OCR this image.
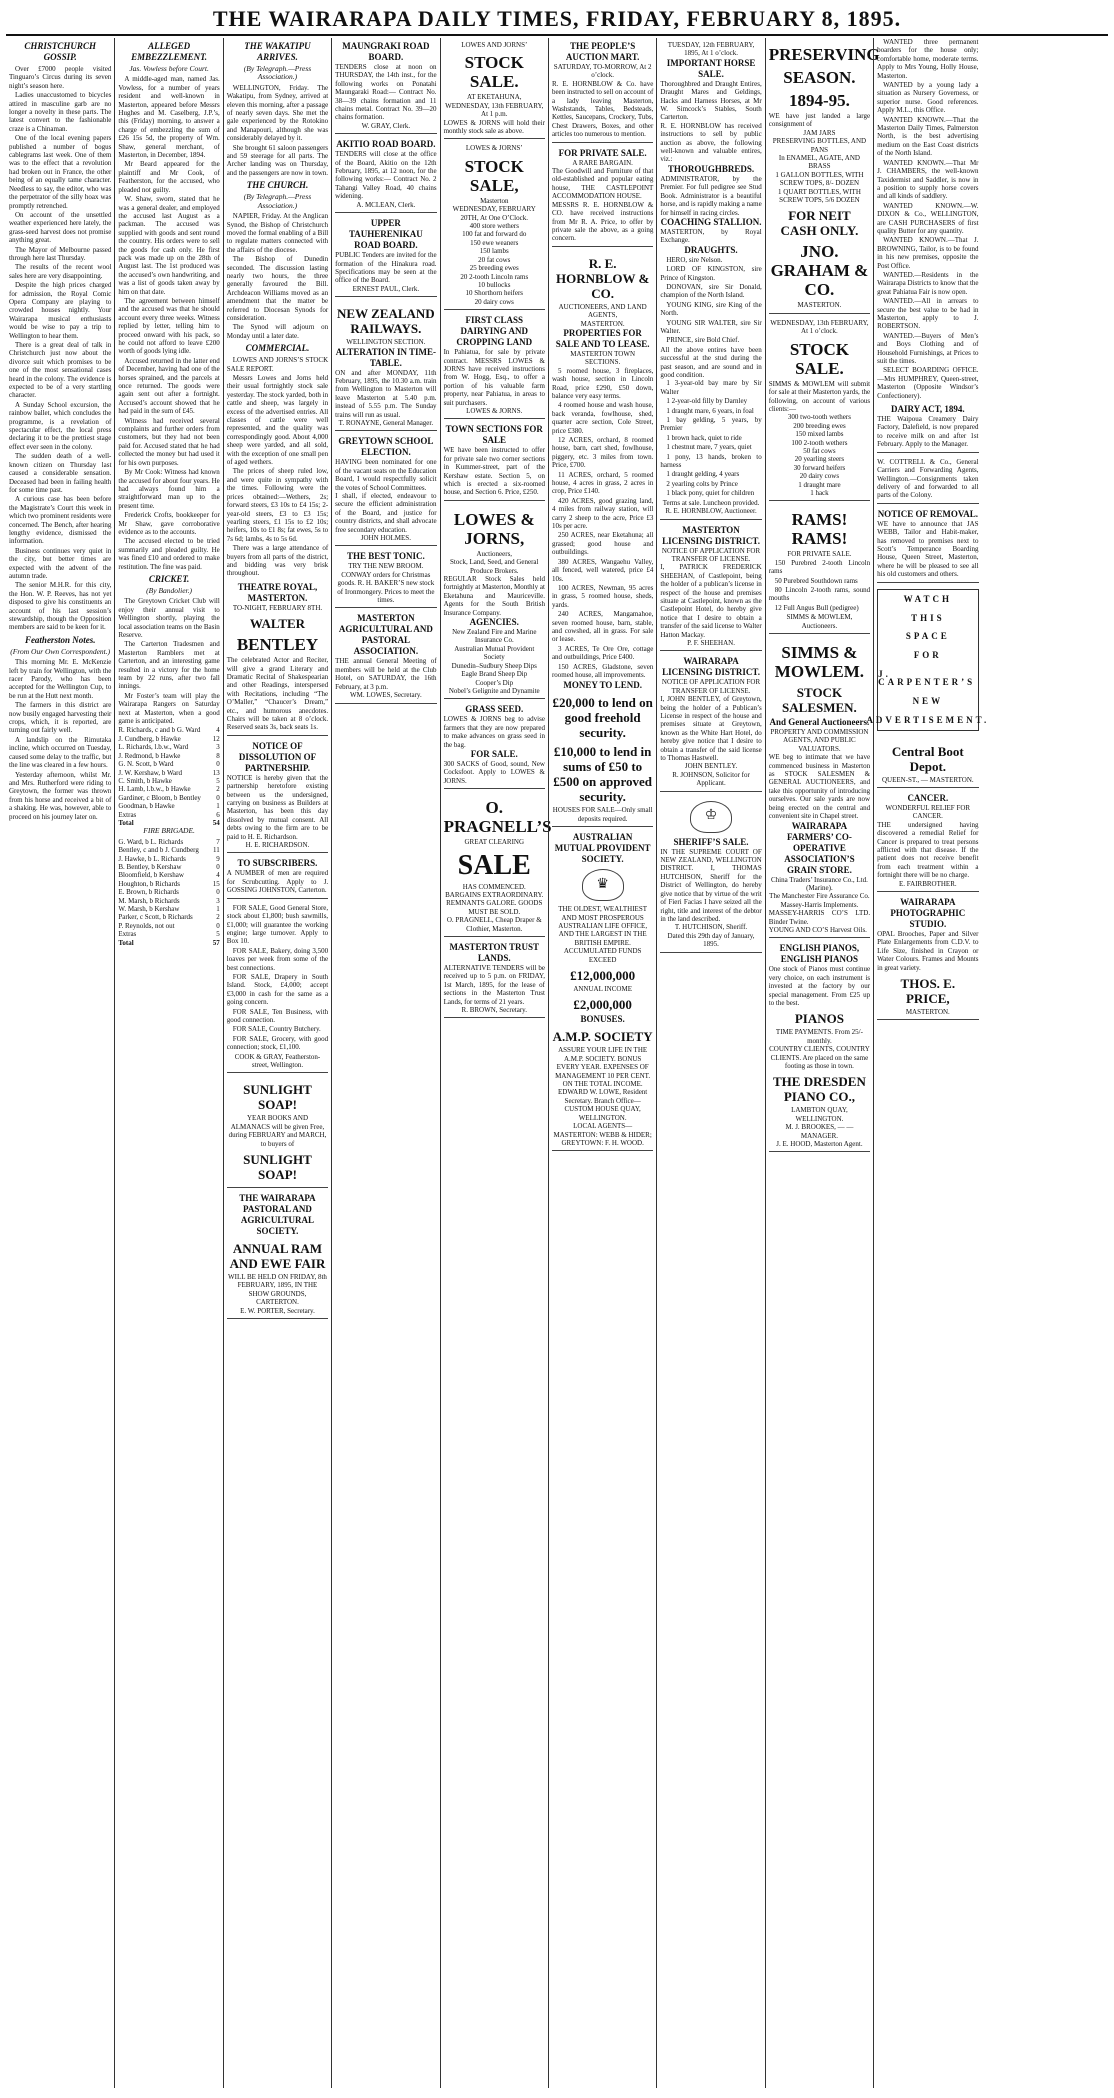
THE WAIRARAPA DAILY TIMES, FRIDAY, FEBRUARY 8, 1895.
CHRISTCHURCH GOSSIP.
Over £7000 people visited Tinguaro’s Circus during its seven night’s season here.
Ladies unaccustomed to bicycles attired in masculine garb are no longer a novelty in these parts. The latest convert to the fashionable craze is a Chinaman.
One of the local evening papers published a number of bogus cablegrams last week. One of them was to the effect that a revolution had broken out in France, the other being of an equally tame character. Needless to say, the editor, who was the perpetrator of the silly hoax was promptly retrenched.
On account of the unsettled weather experienced here lately, the grass-seed harvest does not promise anything great.
The Mayor of Melbourne passed through here last Thursday.
The results of the recent wool sales here are very disappointing.
Despite the high prices charged for admission, the Royal Comic Opera Company are playing to crowded houses nightly. Your Wairarapa musical enthusiasts would be wise to pay a trip to Wellington to hear them.
There is a great deal of talk in Christchurch just now about the divorce suit which promises to be one of the most sensational cases heard in the colony. The evidence is expected to be of a very startling character.
A Sunday School excursion, the rainbow ballet, which concludes the programme, is a revelation of spectacular effect, the local press declaring it to be the prettiest stage effect ever seen in the colony.
The sudden death of a well-known citizen on Thursday last caused a considerable sensation. Deceased had been in failing health for some time past.
A curious case has been before the Magistrate’s Court this week in which two prominent residents were concerned. The Bench, after hearing lengthy evidence, dismissed the information.
Business continues very quiet in the city, but better times are expected with the advent of the autumn trade.
The senior M.H.R. for this city, the Hon. W. P. Reeves, has not yet disposed to give his constituents an account of his last session’s stewardship, though the Opposition members are said to be keen for it.
Featherston Notes.
(From Our Own Correspondent.)
This morning Mr. E. McKenzie left by train for Wellington, with the racer Parody, who has been accepted for the Wellington Cup, to be run at the Hutt next month.
The farmers in this district are now busily engaged harvesting their crops, which, it is reported, are turning out fairly well.
A landslip on the Rimutaka incline, which occurred on Tuesday, caused some delay to the traffic, but the line was cleared in a few hours.
Yesterday afternoon, whilst Mr. and Mrs. Rutherford were riding to Greytown, the former was thrown from his horse and received a bit of a shaking. He was, however, able to proceed on his journey later on.
ALLEGED EMBEZZLEMENT.
Jas. Vowless before Court.
A middle-aged man, named Jas. Vowless, for a number of years resident and well-known in Masterton, appeared before Messrs Hughes and M. Caselberg, J.P.’s, this (Friday) morning, to answer a charge of embezzling the sum of £26 15s 5d, the property of Wm. Shaw, general merchant, of Masterton, in December, 1894.
Mr Beard appeared for the plaintiff and Mr Cook, of Featherston, for the accused, who pleaded not guilty.
W. Shaw, sworn, stated that he was a general dealer, and employed the accused last August as a packman. The accused was supplied with goods and sent round the country. His orders were to sell the goods for cash only. He first pack was made up on the 28th of August last. The 1st produced was the accused’s own handwriting, and was a list of goods taken away by him on that date.
The agreement between himself and the accused was that he should account every three weeks. Witness replied by letter, telling him to proceed onward with his pack, so he could not afford to leave £200 worth of goods lying idle.
Accused returned in the latter end of December, having had one of the horses sprained, and the parcels at once returned. The goods were again sent out after a fortnight. Accused’s account showed that he had paid in the sum of £45.
Witness had received several complaints and further orders from customers, but they had not been paid for. Accused stated that he had collected the money but had used it for his own purposes.
By Mr Cook: Witness had known the accused for about four years. He had always found him a straightforward man up to the present time.
Frederick Crofts, bookkeeper for Mr Shaw, gave corroborative evidence as to the accounts.
The accused elected to be tried summarily and pleaded guilty. He was fined £10 and ordered to make restitution. The fine was paid.
CRICKET.
(By Bandolier.)
The Greytown Cricket Club will enjoy their annual visit to Wellington shortly, playing the local association teams on the Basin Reserve.
The Carterton Tradesmen and Masterton Ramblers met at Carterton, and an interesting game resulted in a victory for the home team by 22 runs, after two fall innings.
Mr Foster’s team will play the Wairarapa Rangers on Saturday next at Masterton, when a good game is anticipated.
R. Richards, c and b G. Ward 4
J. Cundberg, b Hawke	12
L. Richards, l.b.w., Ward	3
J. Redmond, b Hawke	8
G. N. Scott, b Ward	0
J. W. Kershaw, b Ward	13
C. Smith, b Hawke	5
H. Lamb, l.b.w., b Hawke	2
Gardiner, c Bloom, b Bentley 0
Goodman, b Hawke	1
Extras	6
Total	54
FIRE BRIGADE.
G. Ward, b L. Richards	7
Bentley, c and b J. Cundberg 11
J. Hawke, b L. Richards	9
B. Bentley, b Kershaw	0
Bloomfield, b Kershaw	4
Houghton, b Richards	15
E. Brown, b Richards	0
M. Marsh, b Richards	3
W. Marsh, b Kershaw	1
Parker, c Scott, b Richards	2
P. Reynolds, not out	0
Extras	5
Total	57
THE WAKATIPU ARRIVES.
(By Telegraph.—Press Association.)
WELLINGTON, Friday. The Wakatipu, from Sydney, arrived at eleven this morning, after a passage of nearly seven days. She met the gale experienced by the Rotokino and Manapouri, although she was considerably delayed by it.
She brought 61 saloon passengers and 59 steerage for all parts. The Archer landing was on Thursday, and the passengers are now in town.
THE CHURCH.
(By Telegraph.—Press Association.)
NAPIER, Friday. At the Anglican Synod, the Bishop of Christchurch moved the formal enabling of a Bill to regulate matters connected with the affairs of the diocese.
The Bishop of Dunedin seconded. The discussion lasting nearly two hours, the three generally favoured the Bill. Archdeacon Williams moved as an amendment that the matter be referred to Diocesan Synods for consideration.
The Synod will adjourn on Monday until a later date.
COMMERCIAL.
LOWES AND JORNS’S STOCK SALE REPORT.
Messrs Lowes and Jorns held their usual fortnightly stock sale yesterday. The stock yarded, both in cattle and sheep, was largely in excess of the advertised entries. All classes of cattle were well represented, and the quality was correspondingly good. About 4,000 sheep were yarded, and all sold, with the exception of one small pen of aged wethers.
The prices of sheep ruled low, and were quite in sympathy with the times. Following were the prices obtained:—Wethers, 2s; forward steers, £3 10s to £4 15s; 2-year-old steers, £3 to £3 15s; yearling steers, £1 15s to £2 10s; heifers, 10s to £1 8s; fat ewes, 5s to 7s 6d; lambs, 4s to 5s 6d.
There was a large attendance of buyers from all parts of the district, and bidding was very brisk throughout.
THEATRE ROYAL, MASTERTON.
TO-NIGHT, FEBRUARY 8TH.
WALTER
BENTLEY
The celebrated Actor and Reciter, will give a grand Literary and Dramatic Recital of Shakespearian and other Readings, interspersed with Recitations, including “The O’Maller,” “Chaucer’s Dream,” etc., and humorous anecdotes. Chairs will be taken at 8 o’clock. Reserved seats 3s, back seats 1s.
NOTICE OF DISSOLUTION OF PARTNERSHIP.
NOTICE is hereby given that the partnership heretofore existing between us the undersigned, carrying on business as Builders at Masterton, has been this day dissolved by mutual consent. All debts owing to the firm are to be paid to H. E. Richardson.
H. E. RICHARDSON.
TO SUBSCRIBERS.
A NUMBER of men are required for Scrubcutting. Apply to J. GOSSING JOHNSTON, Carterton.
FOR SALE, Good General Store, stock about £1,800; bush sawmills, £1,000; will guarantee the working engine; large turnover. Apply to Box 10.
FOR SALE, Bakery, doing 3,500 loaves per week from some of the best connections.
FOR SALE, Drapery in South Island. Stock, £4,000; accept £3,000 in cash for the same as a going concern.
FOR SALE, Ten Business, with good connection.
FOR SALE, Country Butchery.
FOR SALE, Grocery, with good connection; stock, £1,100.
COOK & GRAY, Featherston-street, Wellington.
SUNLIGHT SOAP!
YEAR BOOKS AND ALMANACS will be given Free, during FEBRUARY and MARCH, to buyers of
SUNLIGHT SOAP!
THE WAIRARAPA PASTORAL AND AGRICULTURAL SOCIETY.
ANNUAL RAM AND EWE FAIR
WILL BE HELD ON FRIDAY, 8th FEBRUARY, 1895, IN THE SHOW GROUNDS, CARTERTON.
E. W. PORTER, Secretary.
MAUNGRAKI ROAD BOARD.
TENDERS close at noon on THURSDAY, the 14th inst., for the following works on Ponatahi Maungaraki Road:— Contract No. 38—39 chains formation and 11 chains metal. Contract No. 39—20 chains formation.
W. GRAY, Clerk.
AKITIO ROAD BOARD.
TENDERS will close at the office of the Board, Akitio on the 12th February, 1895, at 12 noon, for the following works:— Contract No. 2 Tahangi Valley Road, 40 chains widening.
A. MCLEAN, Clerk.
UPPER TAUHERENIKAU ROAD BOARD.
PUBLIC Tenders are invited for the formation of the Hinakura road. Specifications may be seen at the office of the Board.
ERNEST PAUL, Clerk.
NEW ZEALAND RAILWAYS.
WELLINGTON SECTION.
ALTERATION IN TIME-TABLE.
ON and after MONDAY, 11th February, 1895, the 10.30 a.m. train from Wellington to Masterton will leave Masterton at 5.40 p.m. instead of 5.55 p.m. The Sunday trains will run as usual.
T. RONAYNE, General Manager.
GREYTOWN SCHOOL ELECTION.
HAVING been nominated for one of the vacant seats on the Education Board, I would respectfully solicit the votes of School Committees.
I shall, if elected, endeavour to secure the efficient administration of the Board, and justice for country districts, and shall advocate free secondary education.
JOHN HOLMES.
THE BEST TONIC.
TRY THE NEW BROOM. CONWAY orders for Christmas goods. R. H. BAKER’S new stock of Ironmongery. Prices to meet the times.
MASTERTON AGRICULTURAL AND PASTORAL ASSOCIATION.
THE annual General Meeting of members will be held at the Club Hotel, on SATURDAY, the 16th February, at 3 p.m.
WM. LOWES, Secretary.
LOWES AND JORNS’
STOCK SALE.
AT EKETAHUNA,
WEDNESDAY, 13th FEBRUARY, At 1 p.m.
LOWES & JORNS will hold their monthly stock sale as above.
LOWES & JORNS’
STOCK SALE,
Masterton
WEDNESDAY, FEBRUARY 20TH, At One O’Clock.
400 store wethers
100 fat and forward do
150 ewe weaners
150 lambs
20 fat cows
25 breeding ewes
20 2-tooth Lincoln rams
10 bullocks
10 Shorthorn heifers
20 dairy cows
FIRST CLASS DAIRYING AND CROPPING LAND
In Pahiatua, for sale by private contract. MESSRS LOWES & JORNS have received instructions from W. Hogg, Esq., to offer a portion of his valuable farm property, near Pahiatua, in areas to suit purchasers.
LOWES & JORNS.
TOWN SECTIONS FOR SALE
WE have been instructed to offer for private sale two corner sections in Kummer-street, part of the Kershaw estate. Section 5, on which is erected a six-roomed house, and Section 6. Price, £250.
LOWES & JORNS,
Auctioneers,
Stock, Land, Seed, and General Produce Brokers.
REGULAR Stock Sales held fortnightly at Masterton, Monthly at Eketahuna and Mauriceville. Agents for the South British Insurance Company.
AGENCIES.
New Zealand Fire and Marine Insurance Co.
Australian Mutual Provident Society
Dunedin–Sudbury Sheep Dips
Eagle Brand Sheep Dip
Cooper’s Dip
Nobel’s Gelignite and Dynamite
GRASS SEED.
LOWES & JORNS beg to advise farmers that they are now prepared to make advances on grass seed in the bag.
FOR SALE.
300 SACKS of Good, sound, New Cocksfoot. Apply to LOWES & JORNS.
O. PRAGNELL’S
GREAT CLEARING
SALE
HAS COMMENCED.
BARGAINS EXTRAORDINARY. REMNANTS GALORE. GOODS MUST BE SOLD.
O. PRAGNELL, Cheap Draper & Clothier, Masterton.
MASTERTON TRUST LANDS.
ALTERNATIVE TENDERS will be received up to 5 p.m. on FRIDAY, 1st March, 1895, for the lease of sections in the Masterton Trust Lands, for terms of 21 years.
R. BROWN, Secretary.
THE PEOPLE’S AUCTION MART.
SATURDAY, TO-MORROW, At 2 o’clock.
R. E. HORNBLOW & Co. have been instructed to sell on account of a lady leaving Masterton, Washstands, Tables, Bedsteads, Kettles, Saucepans, Crockery, Tubs, Chest Drawers, Boxes, and other articles too numerous to mention.
FOR PRIVATE SALE.
A RARE BARGAIN.
The Goodwill and Furniture of that old-established and popular eating house, THE CASTLEPOINT ACCOMMODATION HOUSE.
MESSRS R. E. HORNBLOW & CO. have received instructions from Mr R. A. Price, to offer by private sale the above, as a going concern.
R. E. HORNBLOW & CO.
AUCTIONEERS, AND LAND AGENTS,
MASTERTON.
PROPERTIES FOR SALE AND TO LEASE.
MASTERTON TOWN SECTIONS.
5 roomed house, 3 fireplaces, wash house, section in Lincoln Road, price £290, £50 down, balance very easy terms.
4 roomed house and wash house, back veranda, fowlhouse, shed, quarter acre section, Cole Street, price £380.
12 ACRES, orchard, 8 roomed house, barn, cart shed, fowlhouse, piggery, etc. 3 miles from town. Price, £700.
11 ACRES, orchard, 5 roomed house, 4 acres in grass, 2 acres in crop, Price £140.
420 ACRES, good grazing land, 4 miles from railway station, will carry 2 sheep to the acre, Price £3 10s per acre.
250 ACRES, near Eketahuna; all grassed; good house and outbuildings.
380 ACRES, Wangaehu Valley, all fenced, well watered, price £4 10s.
100 ACRES, Newman, 95 acres in grass, 5 roomed house, sheds, yards.
240 ACRES, Mangamahoe, seven roomed house, barn, stable, and cowshed, all in grass. For sale or lease.
3 ACRES, Te Ore Ore, cottage and outbuildings, Price £400.
150 ACRES, Gladstone, seven roomed house, all improvements.
MONEY TO LEND.
£20,000 to lend on good freehold security.
£10,000 to lend in sums of £50 to £500 on approved security.
HOUSES FOR SALE—Only small deposits required.
AUSTRALIAN MUTUAL PROVIDENT SOCIETY.
♛
THE OLDEST, WEALTHIEST AND MOST PROSPEROUS AUSTRALIAN LIFE OFFICE, AND THE LARGEST IN THE BRITISH EMPIRE.
ACCUMULATED FUNDS EXCEED
£12,000,000
ANNUAL INCOME
£2,000,000
BONUSES.
A.M.P. SOCIETY
ASSURE YOUR LIFE IN THE A.M.P. SOCIETY. BONUS EVERY YEAR. EXPENSES OF MANAGEMENT 10 PER CENT. ON THE TOTAL INCOME.
EDWARD W. LOWE, Resident Secretary. Branch Office—CUSTOM HOUSE QUAY, WELLINGTON.
LOCAL AGENTS—MASTERTON: WEBB & HIDER; GREYTOWN: F. H. WOOD.
TUESDAY, 12th FEBRUARY, 1895, At 1 o’clock.
IMPORTANT HORSE SALE.
Thoroughbred and Draught Entires, Draught Mares and Geldings, Hacks and Harness Horses, at Mr W. Simcock’s Stables, South Carterton.
R. E. HORNBLOW has received instructions to sell by public auction as above, the following well-known and valuable entires, viz.:
THOROUGHBREDS.
ADMINISTRATOR, by the Premier. For full pedigree see Stud Book. Administrator is a beautiful horse, and is rapidly making a name for himself in racing circles.
COACHING STALLION.
MASTERTON, by Royal Exchange.
DRAUGHTS.
HERO, sire Nelson.
LORD OF KINGSTON, sire Prince of Kingston.
DONOVAN, sire Sir Donald, champion of the North Island.
YOUNG KING, sire King of the North.
YOUNG SIR WALTER, sire Sir Walter.
PRINCE, sire Bold Chief.
All the above entires have been successful at the stud during the past season, and are sound and in good condition.
1 3-year-old bay mare by Sir Walter
1 2-year-old filly by Darnley
1 draught mare, 6 years, in foal
1 bay gelding, 5 years, by Premier
1 brown hack, quiet to ride
1 chestnut mare, 7 years, quiet
1 pony, 13 hands, broken to harness
1 draught gelding, 4 years
2 yearling colts by Prince
1 black pony, quiet for children
Terms at sale. Luncheon provided.
R. E. HORNBLOW, Auctioneer.
MASTERTON LICENSING DISTRICT.
NOTICE OF APPLICATION FOR TRANSFER OF LICENSE.
I, PATRICK FREDERICK SHEEHAN, of Castlepoint, being the holder of a publican’s license in respect of the house and premises situate at Castlepoint, known as the Castlepoint Hotel, do hereby give notice that I desire to obtain a transfer of the said license to Walter Hatton Mackay.
P. F. SHEEHAN.
WAIRARAPA LICENSING DISTRICT.
NOTICE OF APPLICATION FOR TRANSFER OF LICENSE.
I, JOHN BENTLEY, of Greytown, being the holder of a Publican’s License in respect of the house and premises situate at Greytown, known as the White Hart Hotel, do hereby give notice that I desire to obtain a transfer of the said license to Thomas Hastwell.
JOHN BENTLEY.
R. JOHNSON, Solicitor for Applicant.
♔
SHERIFF’S SALE.
IN THE SUPREME COURT OF NEW ZEALAND, WELLINGTON DISTRICT. I, THOMAS HUTCHISON, Sheriff for the District of Wellington, do hereby give notice that by virtue of the writ of Fieri Facias I have seized all the right, title and interest of the debtor in the land described.
T. HUTCHISON, Sheriff.
Dated this 29th day of January, 1895.
PRESERVING
SEASON.
1894-95.
WE have just landed a large consignment of
JAM JARS
PRESERVING BOTTLES, AND PANS
In ENAMEL, AGATE, AND BRASS
1 GALLON BOTTLES, WITH SCREW TOPS, 8/- DOZEN
1 QUART BOTTLES, WITH SCREW TOPS, 5/6 DOZEN
FOR NEIT CASH ONLY.
JNO. GRAHAM & CO.
MASTERTON.
WEDNESDAY, 13th FEBRUARY, At 1 o’clock.
STOCK SALE.
SIMMS & MOWLEM will submit for sale at their Masterton yards, the following, on account of various clients:—
300 two-tooth wethers
200 breeding ewes
150 mixed lambs
100 2-tooth wethers
50 fat cows
20 yearling steers
30 forward heifers
20 dairy cows
1 draught mare
1 hack
RAMS! RAMS!
FOR PRIVATE SALE.
150 Purebred 2-tooth Lincoln rams
50 Purebred Southdown rams
80 Lincoln 2-tooth rams, sound mouths
12 Full Angus Bull (pedigree)
SIMMS & MOWLEM, Auctioneers.
SIMMS & MOWLEM.
STOCK SALESMEN.
And General Auctioneers.
PROPERTY AND COMMISSION AGENTS, AND PUBLIC VALUATORS.
WE beg to intimate that we have commenced business in Masterton as STOCK SALESMEN & GENERAL AUCTIONEERS, and take this opportunity of introducing ourselves. Our sale yards are now being erected on the central and convenient site in Chapel street.
WAIRARAPA FARMERS’ CO-OPERATIVE ASSOCIATION’S GRAIN STORE.
China Traders’ Insurance Co., Ltd. (Marine).
The Manchester Fire Assurance Co.
Massey-Harris Implements.
MASSEY-HARRIS CO’S LTD. Binder Twine.
YOUNG AND CO’S Harvest Oils.
ENGLISH PIANOS, ENGLISH PIANOS
One stock of Pianos must continue very choice, on each instrument is invested at the factory by our special management. From £25 up to the best.
PIANOS
TIME PAYMENTS. From 25/- monthly.
COUNTRY CLIENTS, COUNTRY CLIENTS. Are placed on the same footing as those in town.
THE DRESDEN PIANO CO.,
LAMBTON QUAY,
WELLINGTON.
M. J. BROOKES, — — MANAGER.
J. E. HOOD, Masterton Agent.
WANTED three permanent boarders for the house only; comfortable home, moderate terms. Apply to Mrs Young, Holly House, Masterton.
WANTED by a young lady a situation as Nursery Governess, or superior nurse. Good references. Apply M.L., this Office.
WANTED KNOWN.—That the Masterton Daily Times, Palmerston North, is the best advertising medium on the East Coast districts of the North Island.
WANTED KNOWN.—That Mr J. CHAMBERS, the well-known Taxidermist and Saddler, is now in a position to supply horse covers and all kinds of saddlery.
WANTED KNOWN.—W. DIXON & Co., WELLINGTON, are CASH PURCHASERS of first quality Butter for any quantity.
WANTED KNOWN.—That J. BROWNING, Tailor, is to be found in his new premises, opposite the Post Office.
WANTED.—Residents in the Wairarapa Districts to know that the great Pahiatua Fair is now open.
WANTED.—All in arrears to secure the best value to be had in Masterton, apply to J. ROBERTSON.
WANTED.—Buyers of Men’s and Boys Clothing and of Household Furnishings, at Prices to suit the times.
SELECT BOARDING OFFICE.—Mrs HUMPHREY, Queen-street, Masterton (Opposite Windsor’s Confectionery).
DAIRY ACT, 1894.
THE Waipoua Creamery Dairy Factory, Dalefield, is now prepared to receive milk on and after 1st February. Apply to the Manager.
W. COTTRELL & Co., General Carriers and Forwarding Agents, Wellington.—Consignments taken delivery of and forwarded to all parts of the Colony.
NOTICE OF REMOVAL.
WE have to announce that JAS WEBB, Tailor and Habit-maker, has removed to premises next to Scott’s Temperance Boarding House, Queen Street, Masterton, where he will be pleased to see all his old customers and others.
WATCH
THIS
SPACE
FOR
J. CARPENTER’S
NEW
ADVERTISEMENT.
Central Boot Depot.
QUEEN-ST., — MASTERTON.
CANCER.
WONDERFUL RELIEF FOR CANCER.
THE undersigned having discovered a remedial Relief for Cancer is prepared to treat persons afflicted with that disease. If the patient does not receive benefit from each treatment within a fortnight there will be no charge.
E. FAIRBROTHER.
WAIRARAPA PHOTOGRAPHIC STUDIO.
OPAL Brooches, Paper and Silver Plate Enlargements from C.D.V. to Life Size, finished in Crayon or Water Colours. Frames and Mounts in great variety.
THOS. E. PRICE,
MASTERTON.
